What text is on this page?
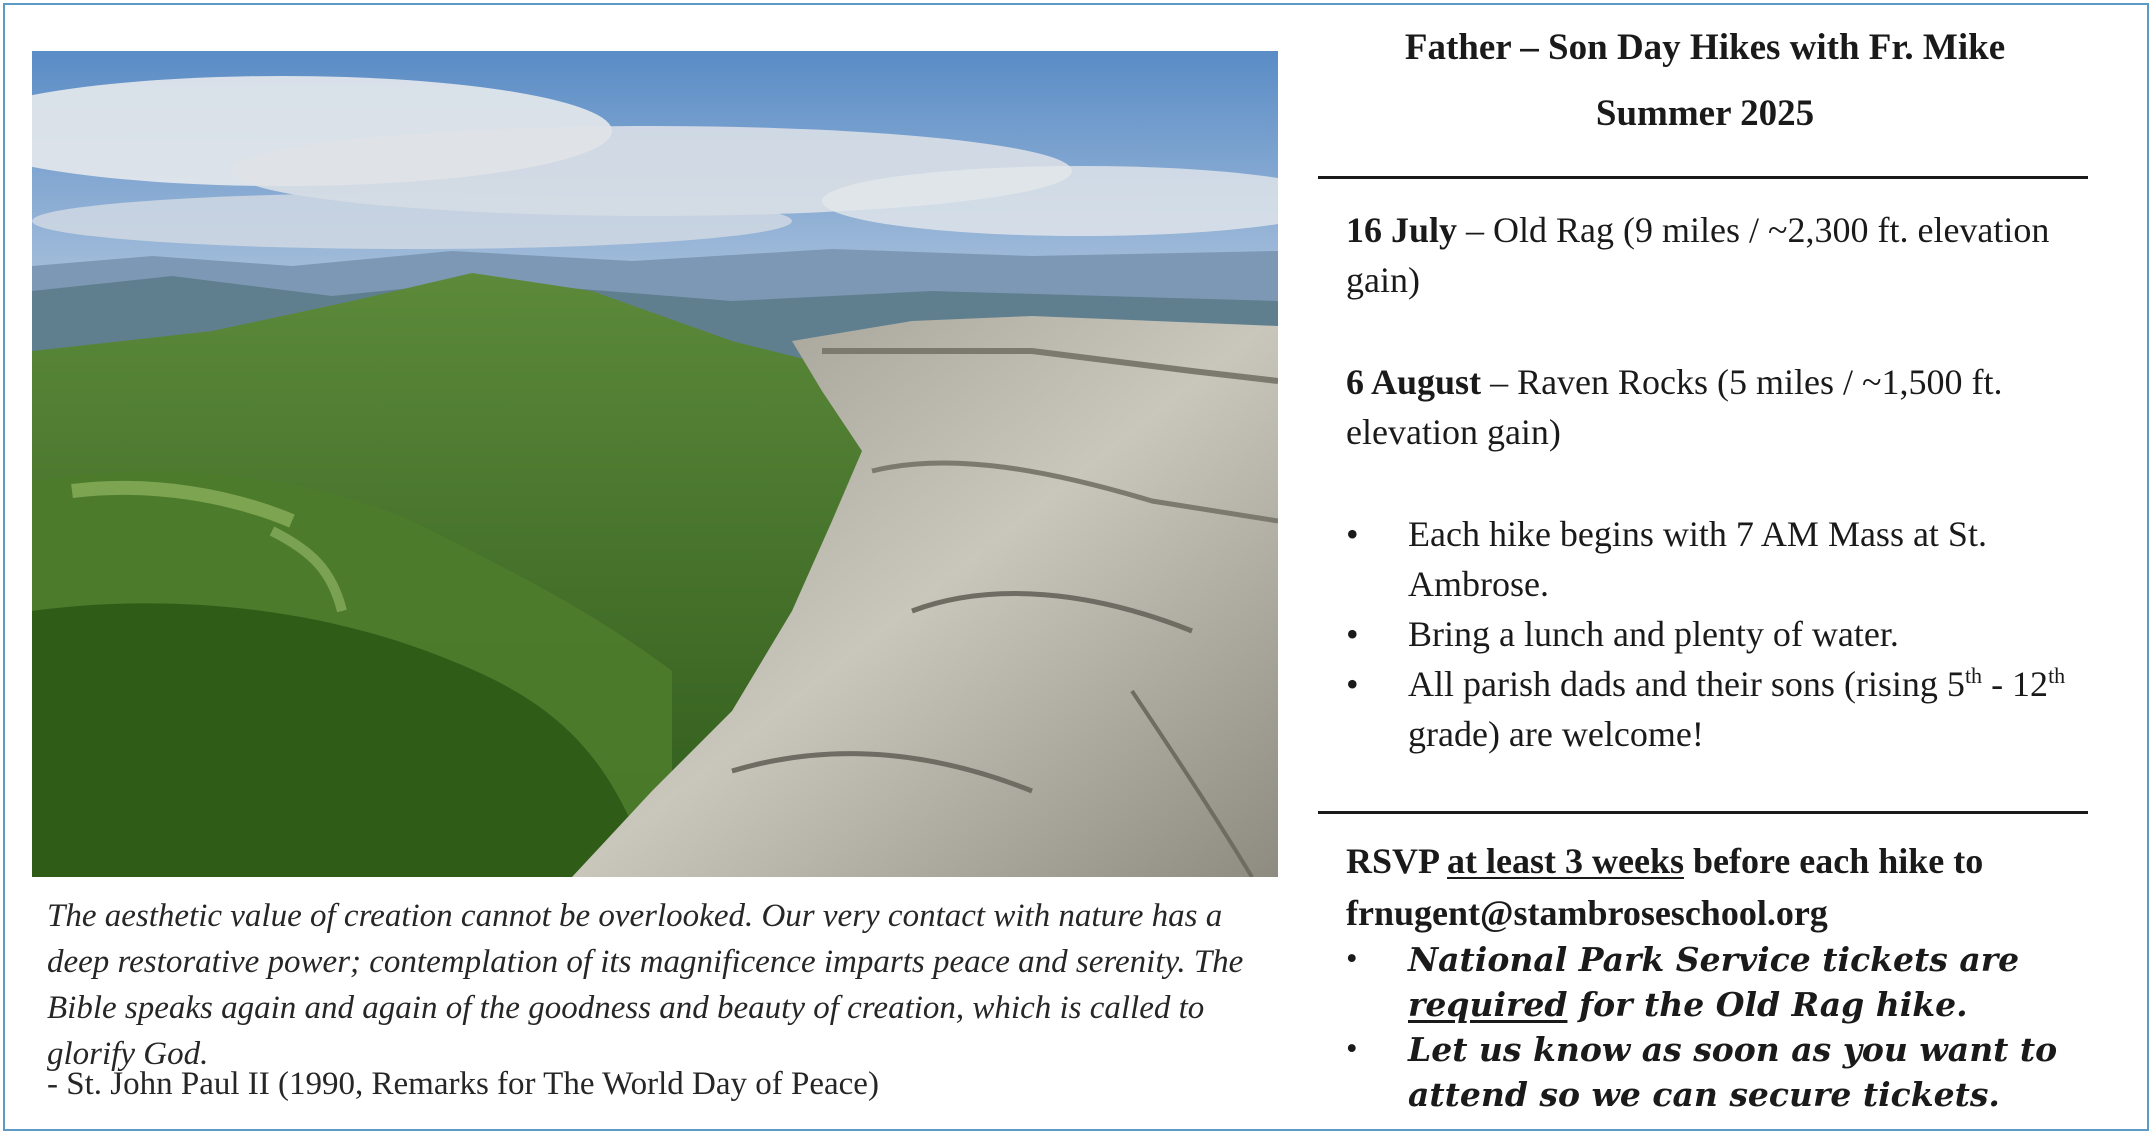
The aesthetic value of creation cannot be overlooked. Our very contact with nature has a deep restorative power; contemplation of its magnificence imparts peace and serenity. The Bible speaks again and again of the goodness and beauty of creation, which is called to glorify God.
- St. John Paul II (1990, Remarks for The World Day of Peace)
Father – Son Day Hikes with Fr. Mike
Summer 2025
16 July – Old Rag (9 miles / ~2,300 ft. elevation gain)
6 August – Raven Rocks (5 miles / ~1,500 ft. elevation gain)
• Each hike begins with 7 AM Mass at St. Ambrose.
• Bring a lunch and plenty of water.
• All parish dads and their sons (rising 5th - 12th grade) are welcome!
RSVP at least 3 weeks before each hike to
frnugent@stambroseschool.org
• National Park Service tickets are required for the Old Rag hike.
• Let us know as soon as you want to attend so we can secure tickets.
